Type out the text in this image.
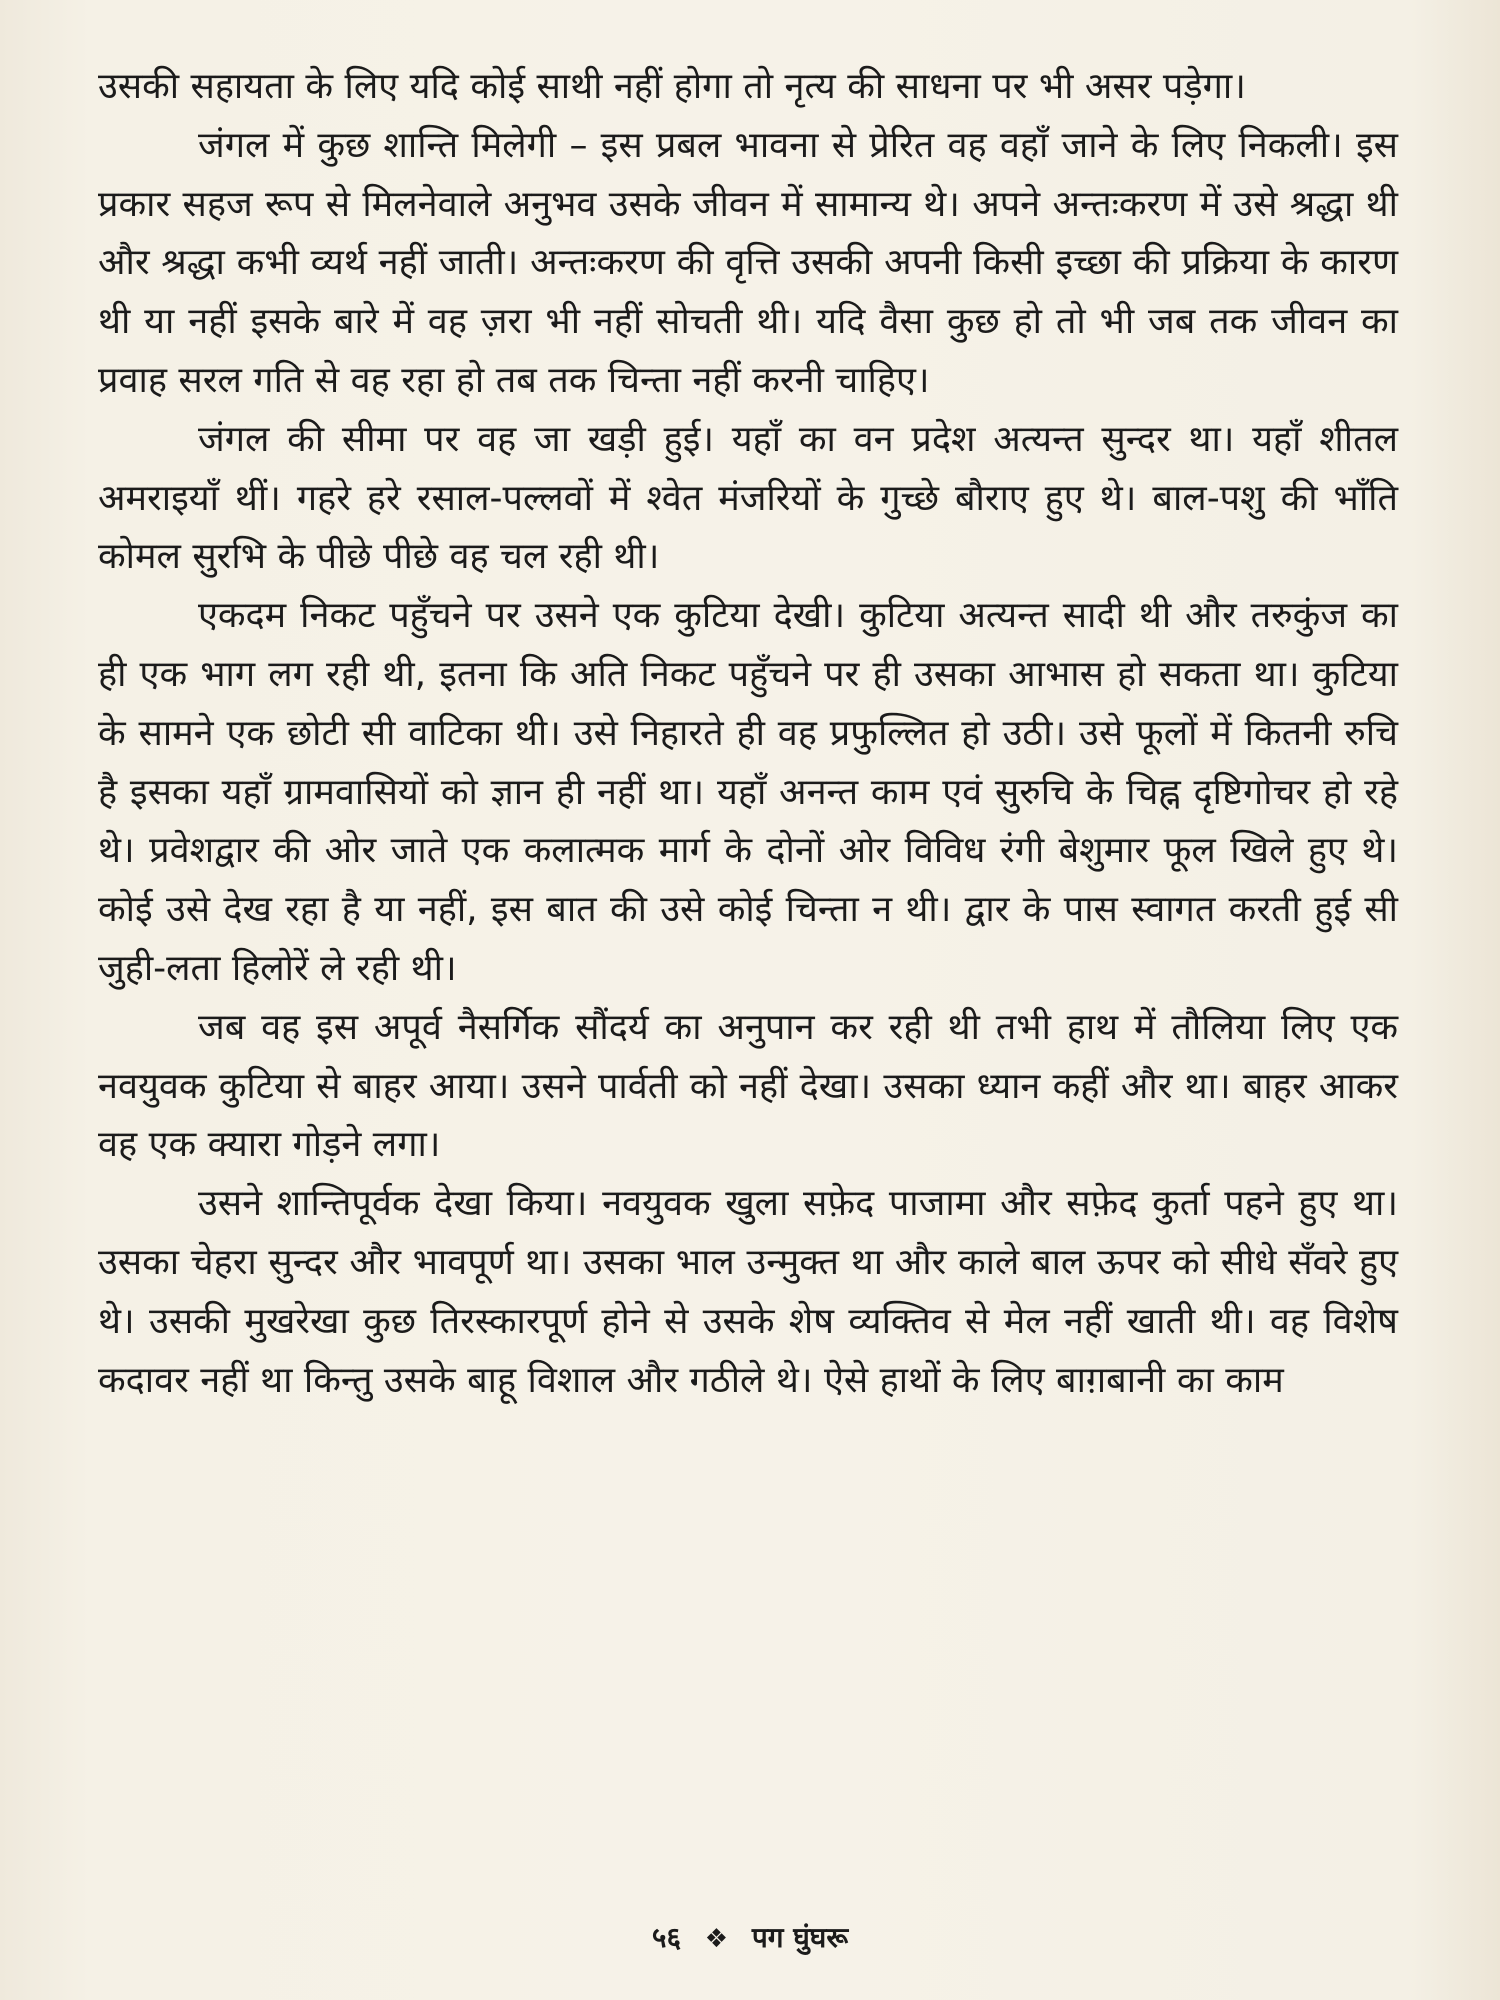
उसकी सहायता के लिए यदि कोई साथी नहीं होगा तो नृत्य की साधना पर भी असर पड़ेगा।

जंगल में कुछ शान्ति मिलेगी – इस प्रबल भावना से प्रेरित वह वहाँ जाने के लिए निकली। इस प्रकार सहज रूप से मिलनेवाले अनुभव उसके जीवन में सामान्य थे। अपने अन्तःकरण में उसे श्रद्धा थी और श्रद्धा कभी व्यर्थ नहीं जाती। अन्तःकरण की वृत्ति उसकी अपनी किसी इच्छा की प्रक्रिया के कारण थी या नहीं इसके बारे में वह ज़रा भी नहीं सोचती थी। यदि वैसा कुछ हो तो भी जब तक जीवन का प्रवाह सरल गति से वह रहा हो तब तक चिन्ता नहीं करनी चाहिए।

जंगल की सीमा पर वह जा खड़ी हुई। यहाँ का वन प्रदेश अत्यन्त सुन्दर था। यहाँ शीतल अमराइयाँ थीं। गहरे हरे रसाल-पल्लवों में श्वेत मंजरियों के गुच्छे बौराए हुए थे। बाल-पशु की भाँति कोमल सुरभि के पीछे पीछे वह चल रही थी।

एकदम निकट पहुँचने पर उसने एक कुटिया देखी। कुटिया अत्यन्त सादी थी और तरुकुंज का ही एक भाग लग रही थी, इतना कि अति निकट पहुँचने पर ही उसका आभास हो सकता था। कुटिया के सामने एक छोटी सी वाटिका थी। उसे निहारते ही वह प्रफुल्लित हो उठी। उसे फूलों में कितनी रुचि है इसका यहाँ ग्रामवासियों को ज्ञान ही नहीं था। यहाँ अनन्त काम एवं सुरुचि के चिह्न दृष्टिगोचर हो रहे थे। प्रवेशद्वार की ओर जाते एक कलात्मक मार्ग के दोनों ओर विविध रंगी बेशुमार फूल खिले हुए थे। कोई उसे देख रहा है या नहीं, इस बात की उसे कोई चिन्ता न थी। द्वार के पास स्वागत करती हुई सी जुही-लता हिलोरें ले रही थी।

जब वह इस अपूर्व नैसर्गिक सौंदर्य का अनुपान कर रही थी तभी हाथ में तौलिया लिए एक नवयुवक कुटिया से बाहर आया। उसने पार्वती को नहीं देखा। उसका ध्यान कहीं और था। बाहर आकर वह एक क्यारा गोड़ने लगा।

उसने शान्तिपूर्वक देखा किया। नवयुवक खुला सफ़ेद पाजामा और सफ़ेद कुर्ता पहने हुए था। उसका चेहरा सुन्दर और भावपूर्ण था। उसका भाल उन्मुक्त था और काले बाल ऊपर को सीधे सँवरे हुए थे। उसकी मुखरेखा कुछ तिरस्कारपूर्ण होने से उसके शेष व्यक्तिव से मेल नहीं खाती थी। वह विशेष कदावर नहीं था किन्तु उसके बाहू विशाल और गठीले थे। ऐसे हाथों के लिए बाग़बानी का काम

५६ ❖ पग घुंघरू
